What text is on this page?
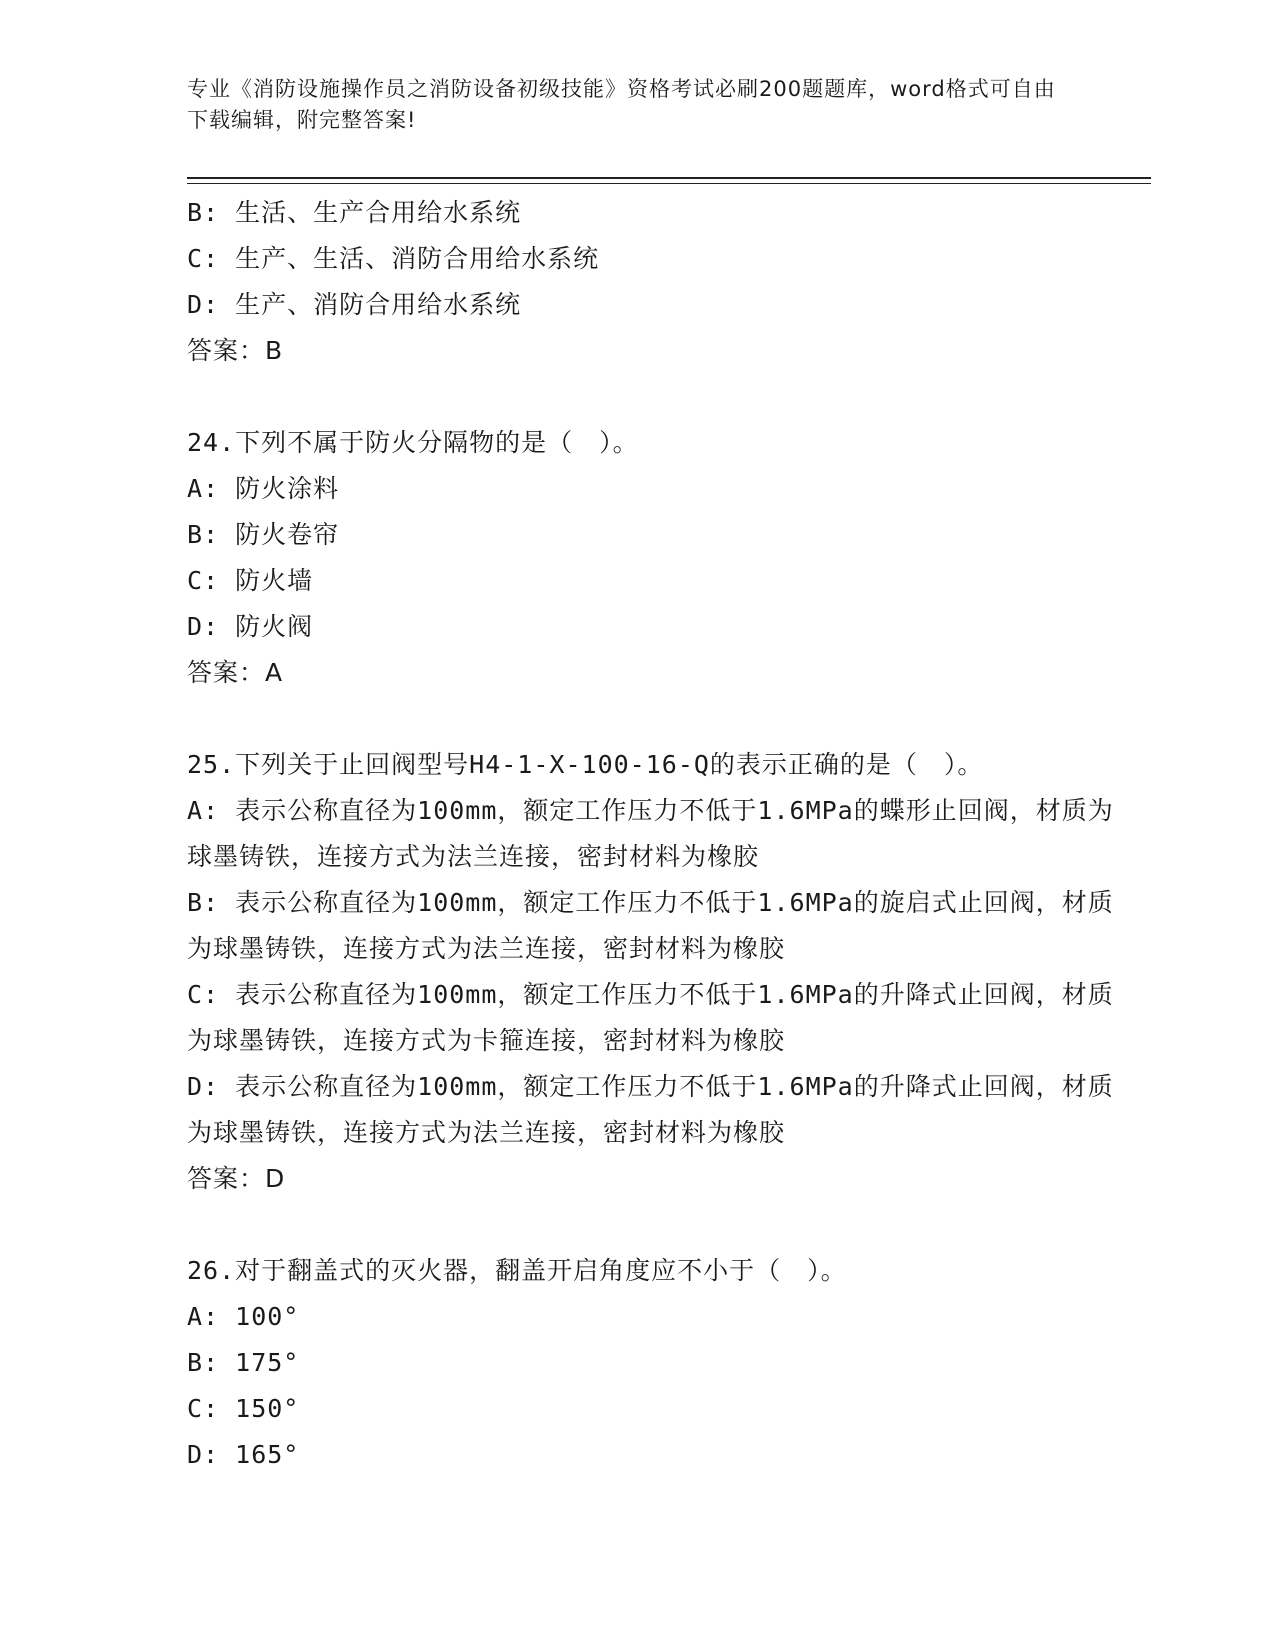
专业《消防设施操作员之消防设备初级技能》资格考试必刷200题题库，word格式可自由下载编辑，附完整答案!
B: 生活、生产合用给水系统
C: 生产、生活、消防合用给水系统
D: 生产、消防合用给水系统
答案：B
24.下列不属于防火分隔物的是（　）。
A: 防火涂料
B: 防火卷帘
C: 防火墙
D: 防火阀
答案：A
25.下列关于止回阀型号H4-1-X-100-16-Q的表示正确的是（　）。
A: 表示公称直径为100mm，额定工作压力不低于1.6MPa的蝶形止回阀，材质为球墨铸铁，连接方式为法兰连接，密封材料为橡胶
B: 表示公称直径为100mm，额定工作压力不低于1.6MPa的旋启式止回阀，材质为球墨铸铁，连接方式为法兰连接，密封材料为橡胶
C: 表示公称直径为100mm，额定工作压力不低于1.6MPa的升降式止回阀，材质为球墨铸铁，连接方式为卡箍连接，密封材料为橡胶
D: 表示公称直径为100mm，额定工作压力不低于1.6MPa的升降式止回阀，材质为球墨铸铁，连接方式为法兰连接，密封材料为橡胶
答案：D
26.对于翻盖式的灭火器，翻盖开启角度应不小于（　）。
A: 100°
B: 175°
C: 150°
D: 165°
